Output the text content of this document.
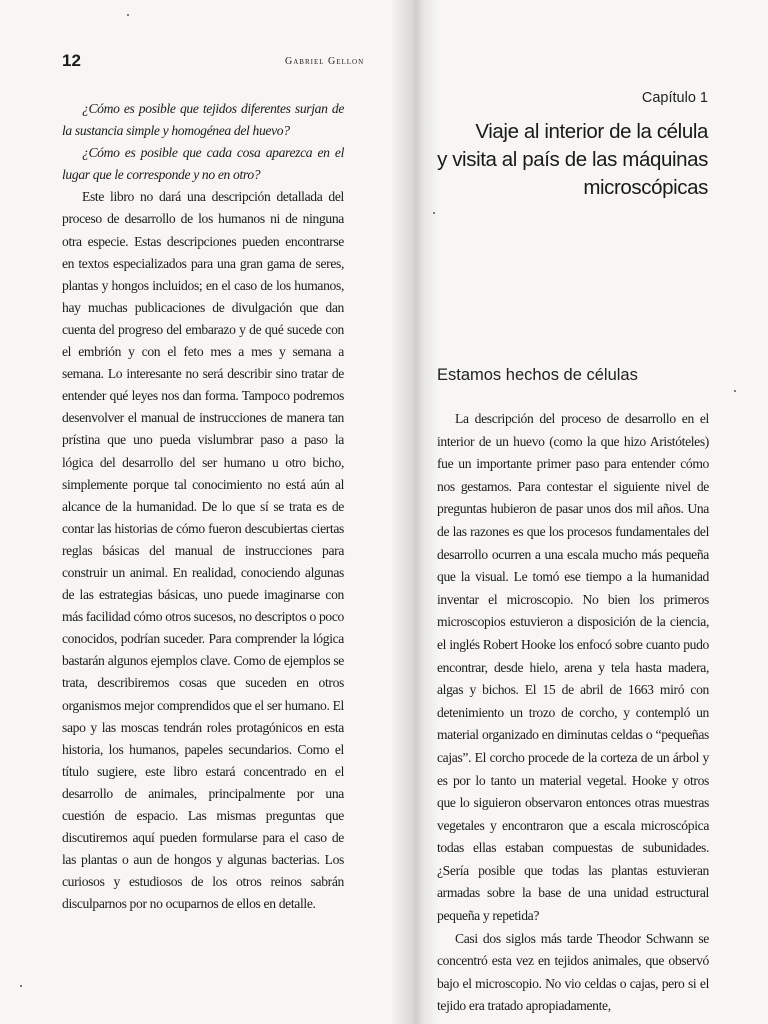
12	Gabriel Gellon

¿Cómo es posible que tejidos diferentes surjan de la sustancia simple y homogénea del huevo?

¿Cómo es posible que cada cosa aparezca en el lugar que le corresponde y no en otro?

Este libro no dará una descripción detallada del proceso de desarrollo de los humanos ni de ninguna otra especie. Estas descripciones pueden encontrarse en textos especializados para una gran gama de seres, plantas y hongos incluidos; en el caso de los humanos, hay muchas publicaciones de divulgación que dan cuenta del progreso del embarazo y de qué sucede con el embrión y con el feto mes a mes y semana a semana. Lo interesante no será describir sino tratar de entender qué leyes nos dan forma. Tampoco podremos desenvolver el manual de instrucciones de manera tan prístina que uno pueda vislumbrar paso a paso la lógica del desarrollo del ser humano u otro bicho, simplemente porque tal conocimiento no está aún al alcance de la humanidad. De lo que sí se trata es de contar las historias de cómo fueron descubiertas ciertas reglas básicas del manual de instrucciones para construir un animal. En realidad, conociendo algunas de las estrategias básicas, uno puede imaginarse con más facilidad cómo otros sucesos, no descriptos o poco conocidos, podrían suceder. Para comprender la lógica bastarán algunos ejemplos clave. Como de ejemplos se trata, describiremos cosas que suceden en otros organismos mejor comprendidos que el ser humano. El sapo y las moscas tendrán roles protagónicos en esta historia, los humanos, papeles secundarios. Como el título sugiere, este libro estará concentrado en el desarrollo de animales, principalmente por una cuestión de espacio. Las mismas preguntas que discutiremos aquí pueden formularse para el caso de las plantas o aun de hongos y algunas bacterias. Los curiosos y estudiosos de los otros reinos sabrán disculparnos por no ocuparnos de ellos en detalle.

Capítulo 1
Viaje al interior de la célula
y visita al país de las máquinas
microscópicas
Estamos hechos de células

La descripción del proceso de desarrollo en el interior de un huevo (como la que hizo Aristóteles) fue un importante primer paso para entender cómo nos gestamos. Para contestar el siguiente nivel de preguntas hubieron de pasar unos dos mil años. Una de las razones es que los procesos fundamentales del desarrollo ocurren a una escala mucho más pequeña que la visual. Le tomó ese tiempo a la humanidad inventar el microscopio. No bien los primeros microscopios estuvieron a disposición de la ciencia, el inglés Robert Hooke los enfocó sobre cuanto pudo encontrar, desde hielo, arena y tela hasta madera, algas y bichos. El 15 de abril de 1663 miró con detenimiento un trozo de corcho, y contempló un material organizado en diminutas celdas o “pequeñas cajas”. El corcho procede de la corteza de un árbol y es por lo tanto un material vegetal. Hooke y otros que lo siguieron observaron entonces otras muestras vegetales y encontraron que a escala microscópica todas ellas estaban compuestas de subunidades. ¿Sería posible que todas las plantas estuvieran armadas sobre la base de una unidad estructural pequeña y repetida?

Casi dos siglos más tarde Theodor Schwann se concentró esta vez en tejidos animales, que observó bajo el microscopio. No vio celdas o cajas, pero si el tejido era tratado apropiadamente,
